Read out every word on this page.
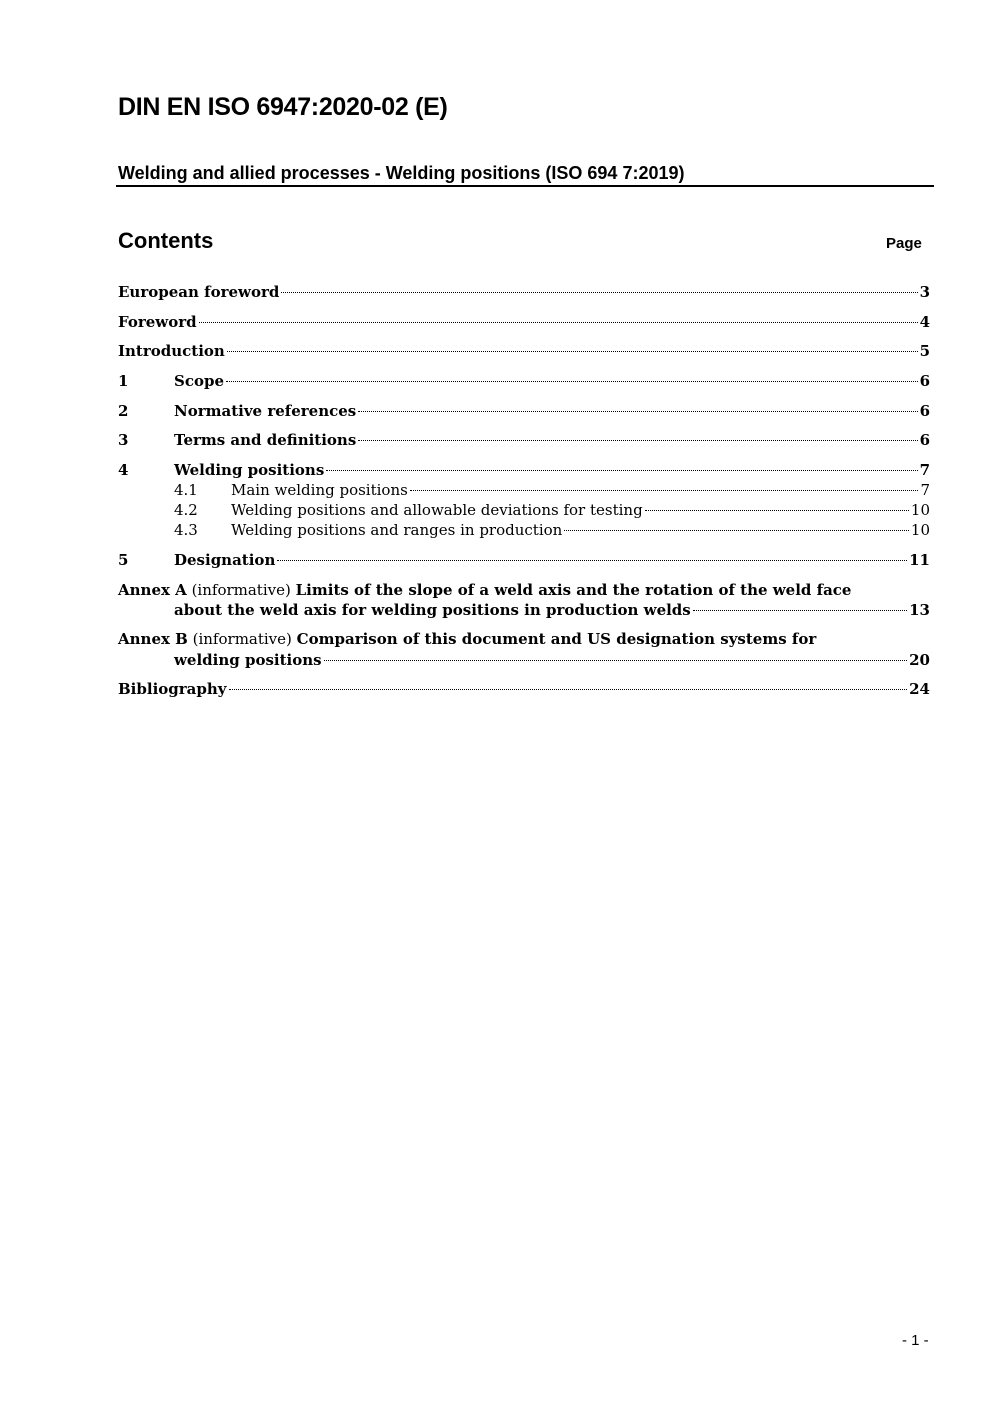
DIN EN ISO 6947:2020-02 (E)
Welding and allied processes - Welding positions (ISO 694 7:2019)
Contents	Page
European foreword	3
Foreword	4
Introduction	5
1	Scope	6
2	Normative references	6
3	Terms and definitions	6
4	Welding positions	7
4.1	Main welding positions	7
4.2	Welding positions and allowable deviations for testing	10
4.3	Welding positions and ranges in production	10
5	Designation	11
Annex A (informative) Limits of the slope of a weld axis and the rotation of the weld face
about the weld axis for welding positions in production welds	13
Annex B (informative) Comparison of this document and US designation systems for
welding positions	20
Bibliography	24
- 1 -
